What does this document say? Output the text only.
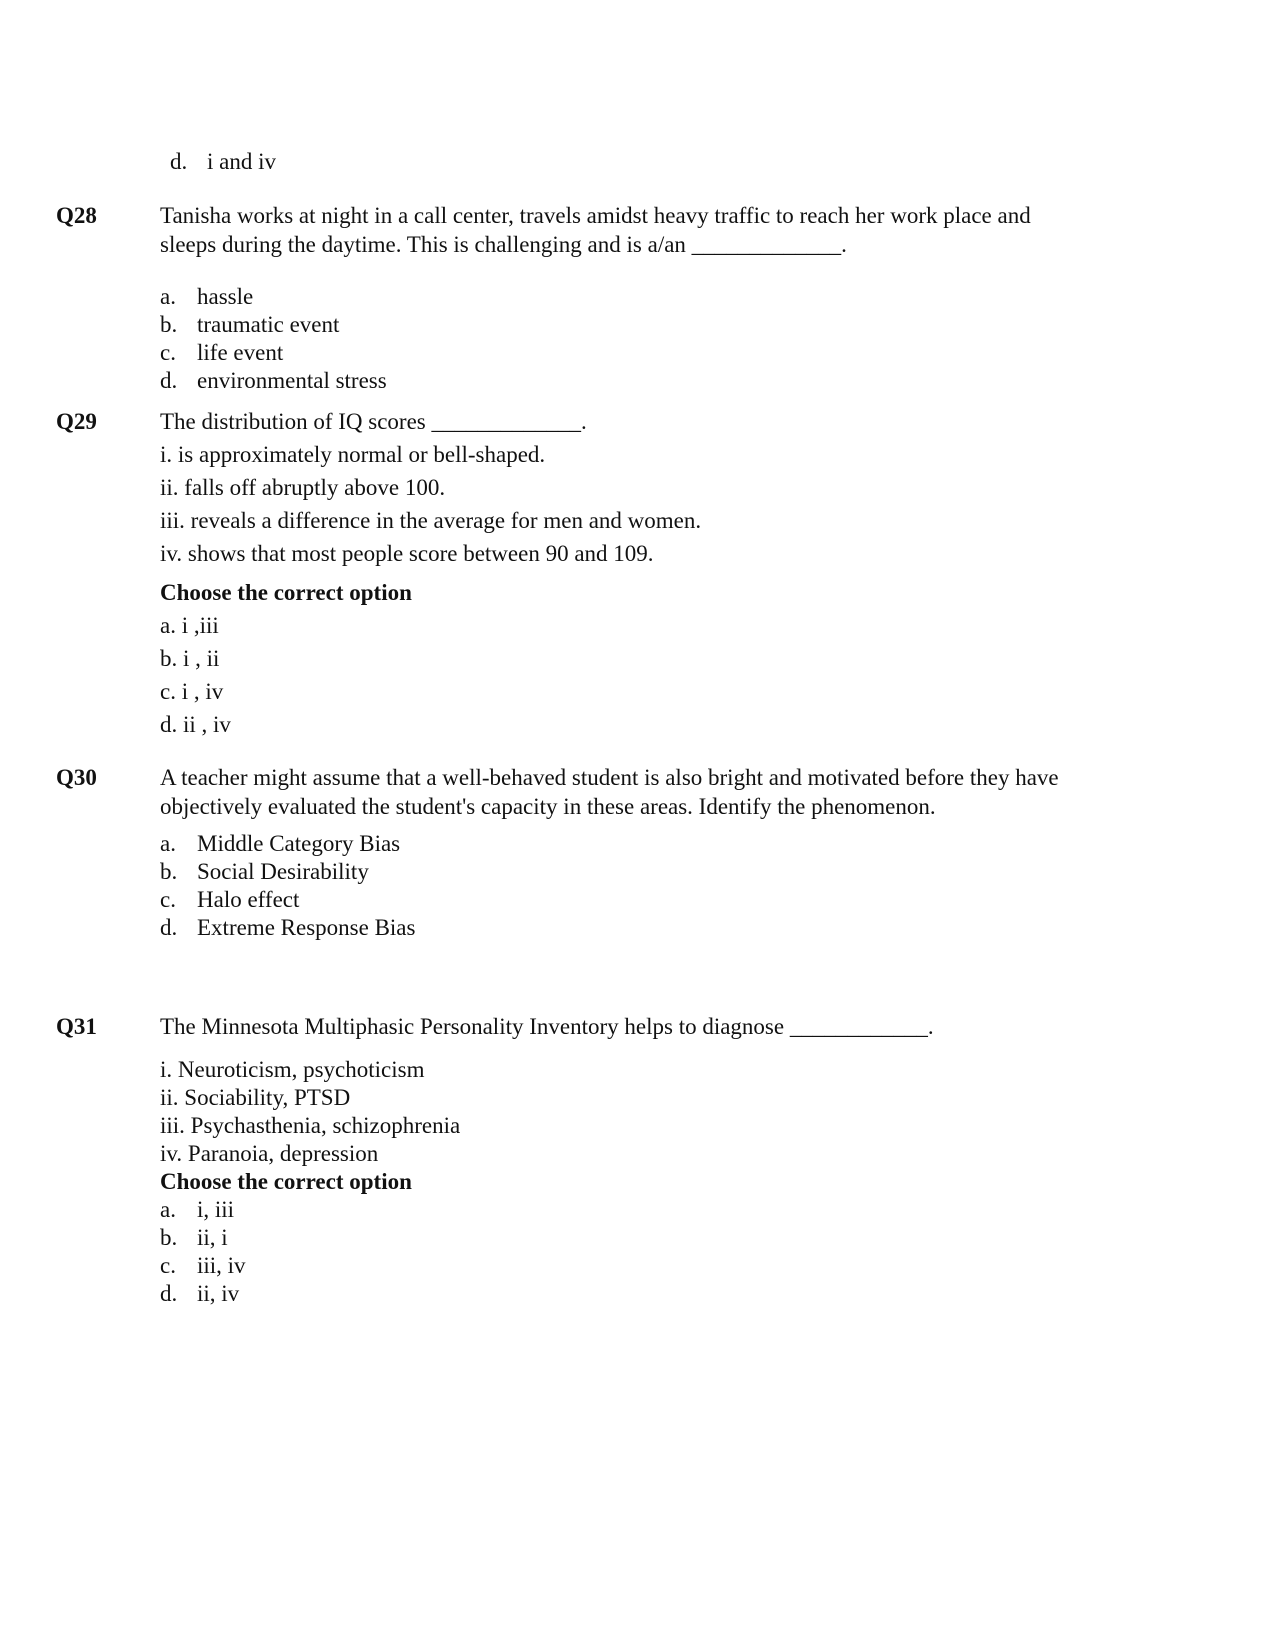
d. i and iv
Q28	Tanisha works at night in a call center, travels amidst heavy traffic to reach her work place and
sleeps during the daytime. This is challenging and is a/an _____________.
a. hassle
b. traumatic event
c. life event
d. environmental stress
Q29	The distribution of IQ scores _____________.
i. is approximately normal or bell-shaped.
ii. falls off abruptly above 100.
iii. reveals a difference in the average for men and women.
iv. shows that most people score between 90 and 109.
Choose the correct option
a. i ,iii
b. i , ii
c. i , iv
d. ii , iv
Q30	A teacher might assume that a well-behaved student is also bright and motivated before they have
objectively evaluated the student's capacity in these areas. Identify the phenomenon.
a. Middle Category Bias
b. Social Desirability
c. Halo effect
d. Extreme Response Bias
Q31	The Minnesota Multiphasic Personality Inventory helps to diagnose ____________.
i. Neuroticism, psychoticism
ii. Sociability, PTSD
iii. Psychasthenia, schizophrenia
iv. Paranoia, depression
Choose the correct option
a. i, iii
b. ii, i
c. iii, iv
d. ii, iv
